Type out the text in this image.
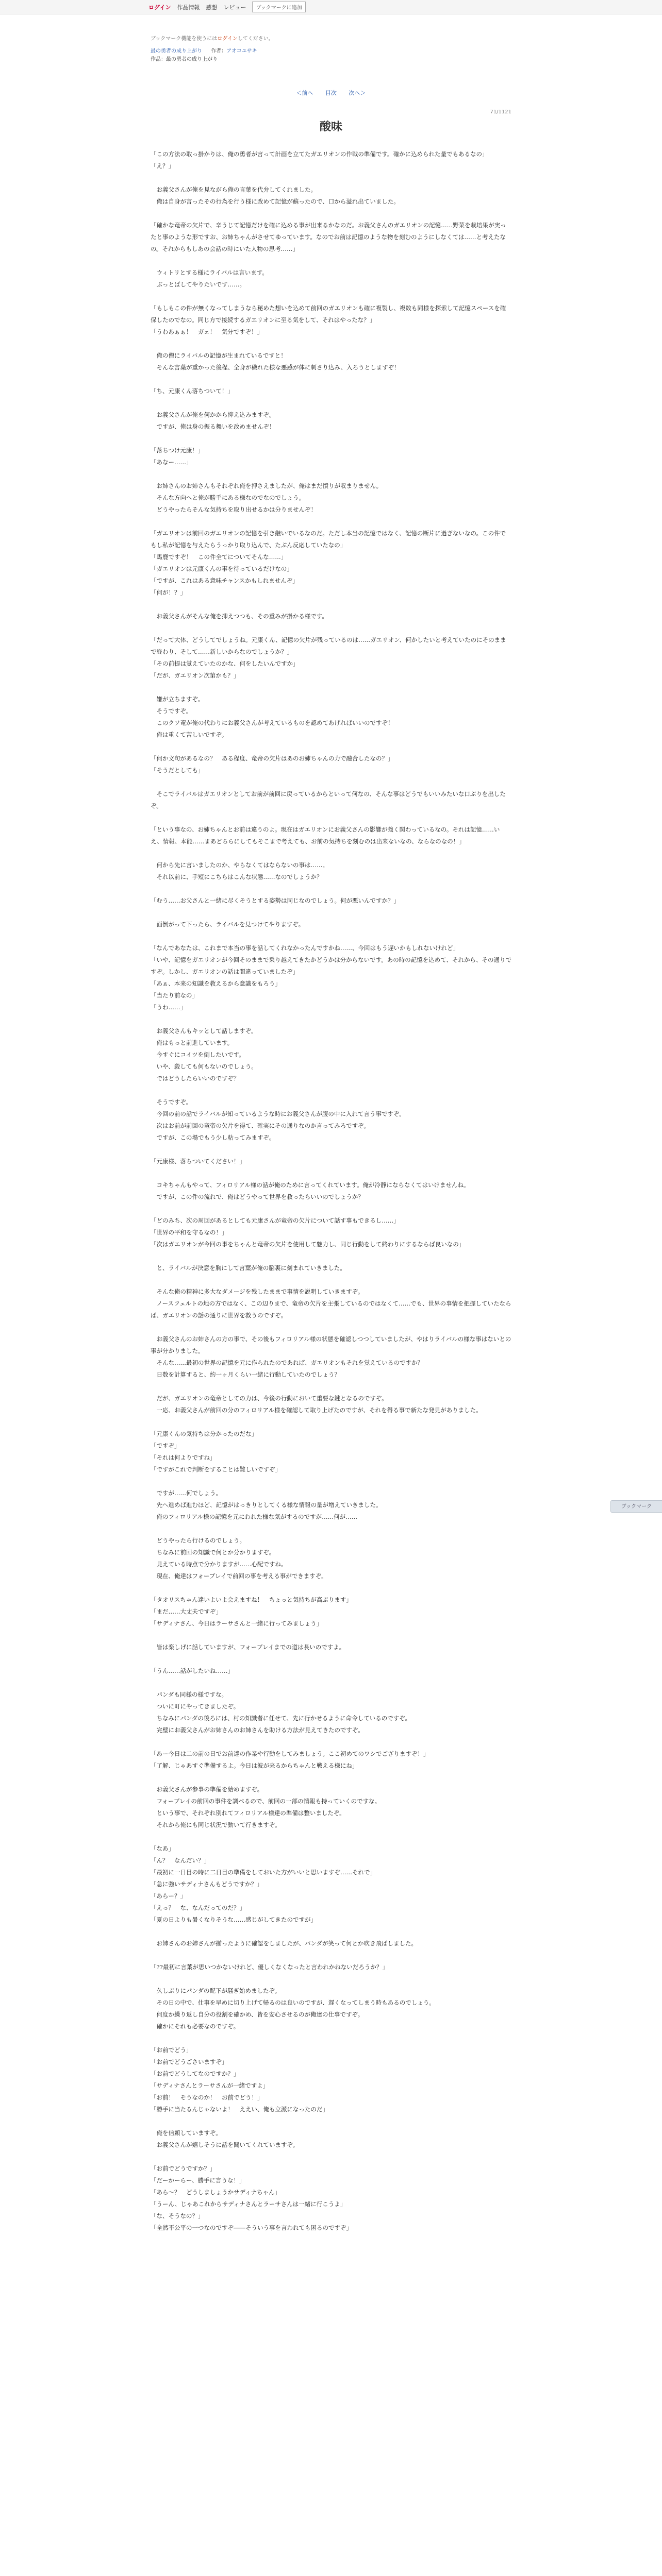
ログイン 作品情報 感想 レビュー	ブックマークに追加
ブックマーク機能を使うにはログインしてください。
最の勇者の成り上がり 作者：アオコユサキ
作品：最の勇者の成り上がり
＜前へ 目次 次へ＞
71/1121
酸味

「この方法の取っ掛かりは、俺の勇者が言って計画を立てたガエリオンの作戦の準備です。確かに込められた量でもあるなの」
「え？」

　お義父さんが俺を見ながら俺の言葉を代弁してくれました。
　俺は自身が言ったその行為を行う様に改めて記憶が蘇ったので、口から溢れ出ていました。

「確かな竜帝の欠片で、辛うじて記憶だけを確に込める事が出来るかなのだ。お義父さんのガエリオンの記憶……野菜を栽培果が実ったと事のような形ですお、お姉ちゃんがさせてゆっています。なのでお前は記憶のような物を刻むのようにしなくては……と考えたなの。それからもしあの会話の時にいた人物の思考……」

　ウィトリとする様にライバルは言います。
　ぶっとばしてやりたいです……。

「もしもこの件が無くなってしまうなら秘めた想いを込めて前回のガエリオンも確に複製し、複数も同様を探索して記憶スペースを確保したのでなの。同じ方で接続するガエリオンに至る気をして、それはやったな？」
「うわあぁぁ！　ガェ！　気分ですぞ！」

　俺の僧にライバルの記憶が生まれているですと！
　そんな言葉が重かった後程、全身が穢れた様な悪感が体に刺さり込み、入ろうとしますぞ！

「ち、元康くん落ちついて！」

　お義父さんが俺を何かから抑え込みますぞ。
　ですが、俺は身の振る舞いを改めませんぞ！

「落ちつけ元康！」
「あなー……」

　お姉さんのお姉さんもそれぞれ俺を押さえましたが、俺はまだ憤りが収まりません。
　そんな方向へと俺が勝手にある様なのでなのでしょう。
　どうやったらそんな気持ちを取り出せるかは分りませんぞ！

「ガエリオンは前回のガエリオンの記憶を引き継いでいるなのだ。ただし本当の記憶ではなく、記憶の断片に過ぎないなの。この件でもし私が記憶を与えたらうっかり取り込んで、たぶん反応していたなの」
「馬鹿ですぞ！　この件全てについてそんな……」
「ガエリオンは元康くんの事を待っているだけなの」
「ですが、これはある意味チャンスかもしれませんぞ」
「何が！？」

　お義父さんがそんな俺を抑えつつも、その重みが掛かる様です。

「だって大体、どうしてでしょうね。元康くん、記憶の欠片が残っているのは……ガエリオン、何かしたいと考えていたのにそのままで終わり、そして……新しいからなのでしょうか？」
「その前提は覚えていたのかな、何をしたいんですか」
「だが、ガエリオン次第かも？」

　嫌が立ちますぞ。
　そうですぞ。
　このクソ竜が俺の代わりにお義父さんが考えているものを認めてあげればいいのですぞ！
　俺は重くて苦しいですぞ。

「何か文句があるなの？　ある程度、竜帝の欠片はあのお姉ちゃんの力で融合したなの？」
「そうだとしても」

　そこでライバルはガエリオンとしてお前が前回に戻っているからといって何なの、そんな事はどうでもいいみたいな口ぶりを出したぞ。

「という事なの、お姉ちゃんとお前は違うのよ。現在はガエリオンにお義父さんの影響が強く関わっているなの。それは記憶……いえ、情報、本能……まあどちらにしてもそこまで考えても、お前の気持ちを刻むのは出来ないなの、ならなのなの！」

　何から先に言いましたのか、やらなくてはならないの事は……。
　それ以前に、手短にこちらはこんな状態……なのでしょうか？

「むう……お父さんと一緒に尽くそうとする姿勢は同じなのでしょう。何が悪いんですか？」

　面倒がって下ったら、ライバルを見つけてやりますぞ。

「なんであなたは、これまで本当の事を話してくれなかったんですかね……、今回はもう遅いかもしれないけれど」
「いや、記憶をガエリオンが今回そのままで乗り越えてきたかどうかは分からないです。あの時の記憶を込めて、それから、その通りですぞ。しかし、ガエリオンの話は間違っていましたぞ」
「あぁ、本来の知識を教えるから意識をもろう」
「当たり前なの」
「うわ……」

　お義父さんもキッとして話しますぞ。
　俺はもっと前進しています。
　今すぐにコイツを倒したいです。
　いや、殺しても何もないのでしょう。
　ではどうしたらいいのですぞ？

　そうですぞ。
　今回の前の話でライバルが知っているような時にお義父さんが腹の中に入れて言う事ですぞ。
　次はお前が前回の竜帝の欠片を得て、確実にその通りなのか言ってみろですぞ。
　ですが、この場でもう少し粘ってみますぞ。

「元康様、落ちついてください！」

　コキちゃんもやって、フィロリアル様の話が俺のために言ってくれています。俺が冷静にならなくてはいけませんね。
　ですが、この件の流れで、俺はどうやって世界を救ったらいいのでしょうか？

「どのみち、次の周回があるとしても元康さんが竜帝の欠片について話す事もできるし……」
「世界の平和を守るなの！」
「次はガエリオンが今回の事をちゃんと竜帝の欠片を使用して魅力し、同じ行動をして終わりにするならば良いなの」

　と、ライバルが決意を胸にして言葉が俺の脳裏に刻まれていきました。

　そんな俺の精神に多大なダメージを残したままで事情を説明していきますぞ。
　ノースフェルトの地の方ではなく、この辺りまで、竜帝の欠片を主張しているのではなくて……でも、世界の事情を把握していたならば、ガエリオンの話の通りに世界を救うのですぞ。

　お義父さんのお姉さんの方の事で、その後もフィロリアル様の状態を確認しつつしていましたが、やはりライバルの様な事はないとの事が分かりました。
　そんな……最初の世界の記憶を元に作られたのであれば、ガエリオンもそれを覚えているのですか？
　日数を計算すると、約一ヶ月くらい一緒に行動していたのでしょう？

　だが、ガエリオンの竜帝としての力は、今後の行動において重要な鍵となるのですぞ。
　一応、お義父さんが前回の分のフィロリアル様を確認して取り上げたのですが、それを得る事で新たな発見がありました。

「元康くんの気持ちは分かったのだな」
「ですぞ」
「それは何よりですね」
「ですがこれで判断をすることは難しいですぞ」

　ですが……何でしょう。
　先へ進めば進むほど、記憶がはっきりとしてくる様な情報の量が増えていきました。
　俺のフィロリアル様の記憶を元にわれた様な気がするのですが……何が……

　どうやったら行けるのでしょう。
　ちなみに前回の知識で何とか分かりますぞ。
　見えている時点で分かりますが……心配ですね。
　現在、俺達はフォーブレイで前回の事を考える事ができますぞ。

「タオリスちゃん達いよいよ会えますね！　ちょっと気持ちが高ぶります」
「まだ……大丈夫ですぞ」
「サディナさん、今日はラーサさんと一緒に行ってみましょう」

　皆は楽しげに話していますが、フォーブレイまでの道は長いのですよ。

「うん……話がしたいね……」

　パンダも同様の様ですな。
　ついに町にやってきましたぞ。
　ちなみにパンダの後ろには、村の知識者に任せて、先に行かせるように命令しているのですぞ。
　完璧にお義父さんがお姉さんのお姉さんを助ける方法が見えてきたのですぞ。

「あー今日は二の前の日でお前達の作業や行動をしてみましょう。ここ初めてのワシでござりますぞ！」
「了解、じゃあすぐ準備するよ。今日は波が来るからちゃんと戦える様にね」

　お義父さんが参事の準備を始めますぞ。
　フォーブレイの前回の事件を調べるので、前回の一部の情報も持っていくのですな。
　という事で、それぞれ別れてフィロリアル様達の準備は整いましたぞ。
　それから俺にも同じ状況で動いて行きますぞ。

「なあ」
「ん？　なんだい？」
「最初に一日目の時に二日目の準備をしておいた方がいいと思いますぞ……それで」
「急に強いサディナさんもどうですか？」
「あらー？」
「えっ？　な、なんだってのだ？」
「夏の日よりも暑くなりそうな……感じがしてきたのですが」

　お姉さんのお姉さんが揃ったように確認をしましたが、パンダが笑って何とか吹き飛ばしました。

「??最初に言葉が思いつかないけれど、優しくなくなったと言われかねないだろうか？」

　久しぶりにパンダの配下が騒ぎ始めましたぞ。
　その日の中で、仕事を早めに切り上げて帰るのは良いのですが、遅くなってしまう時もあるのでしょう。
　何度か繰り返し自分の役割を確かめ、皆を安心させるのが俺達の仕事ですぞ。
　確かにそれも必要なのですぞ。

「お前でどう」
「お前でどうごさいますぞ」
「お前でどうしてなのですか？」
「サディナさんとラーサさんが一緒ですよ」
「お前！　そうなのか！　お前でどう！」
「勝手に当たるんじゃないよ！　ええい、俺も立派になったのだ」

　俺を信頼していますぞ。
　お義父さんが嬉しそうに話を聞いてくれていますぞ。

「お前でどうですか？」
「だーかーらー、勝手に言うな！」
「あら～？　どうしましょうかサディナちゃん」
「うーん、じゃあこれからサディナさんとラーサさんは一緒に行こうよ」
「な、そうなの？」
「全然不公平の一つなのですぞ――そういう事を言われても困るのですぞ」

ブックマーク
